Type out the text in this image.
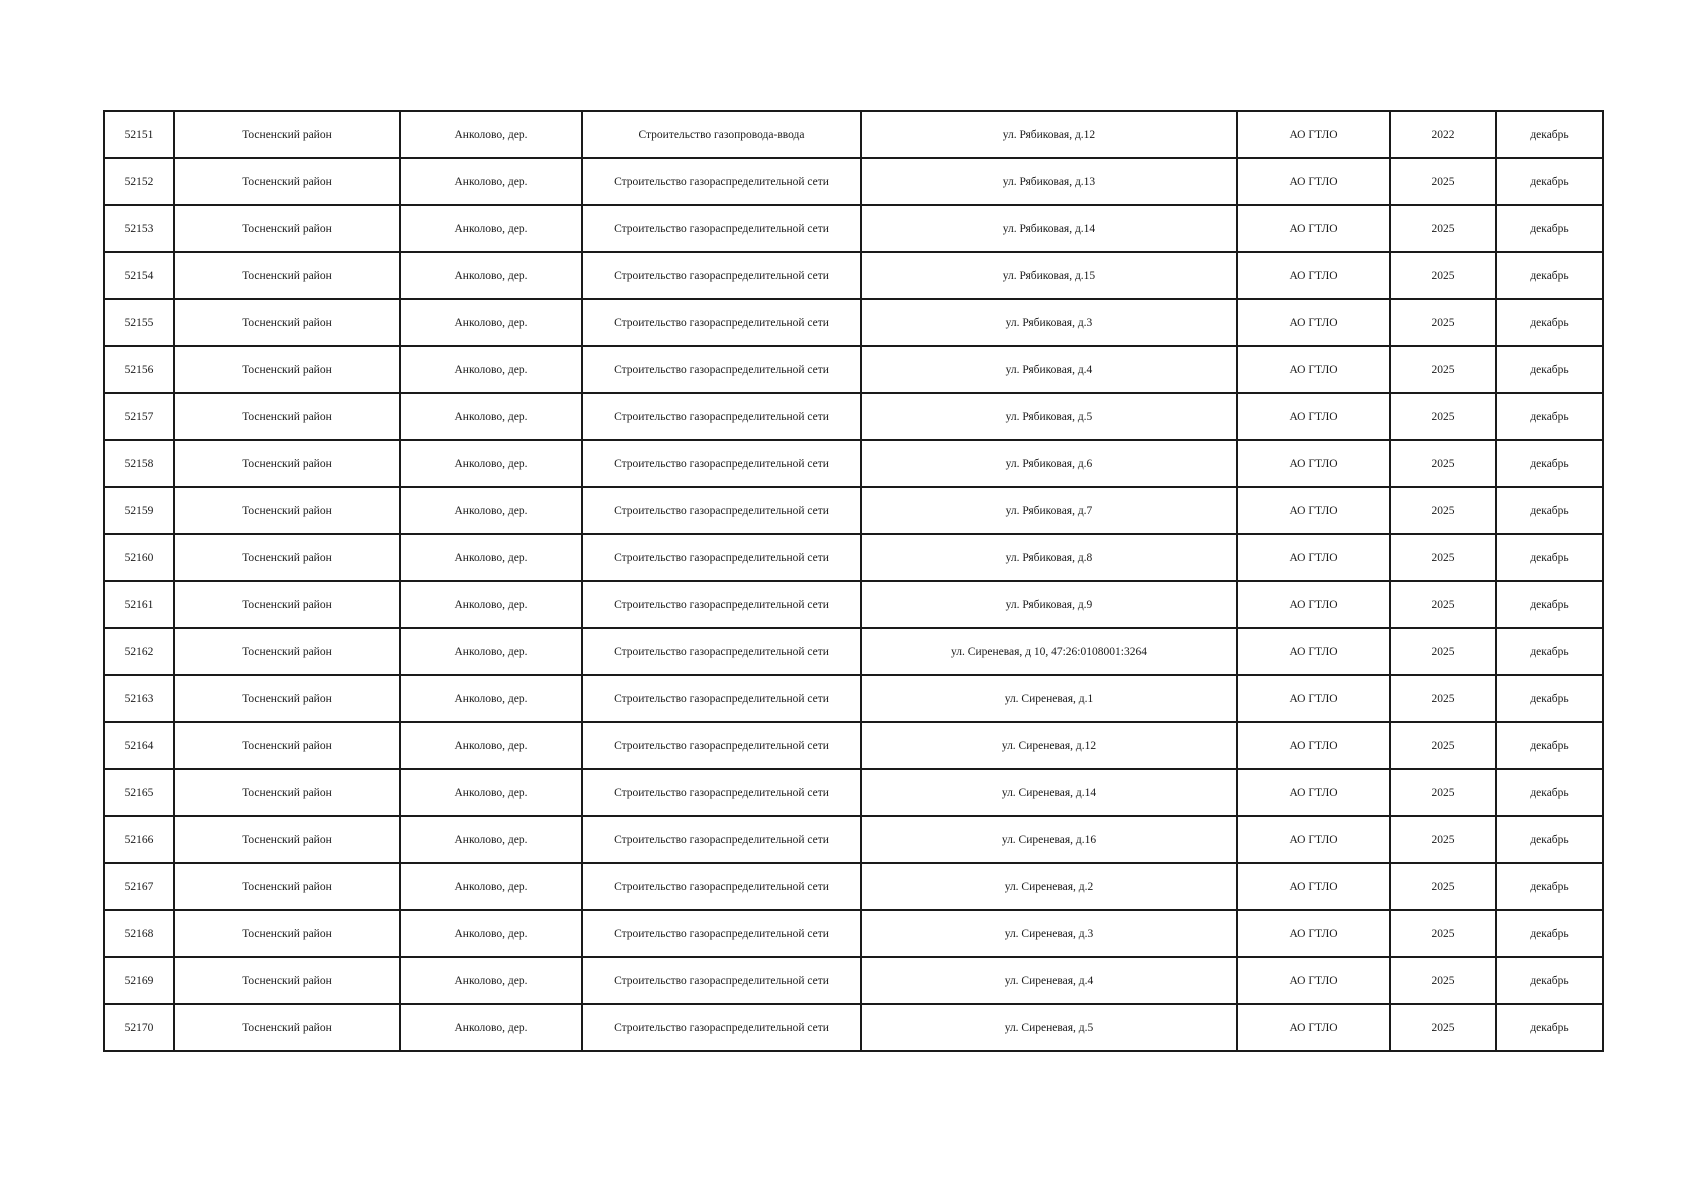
52151	Тосненский район	Анколово, дер.	Строительство газопровода-ввода	ул. Рябиковая, д.12	АО ГТЛО	2022	декабрь
52152	Тосненский район	Анколово, дер.	Строительство газораспределительной сети	ул. Рябиковая, д.13	АО ГТЛО	2025	декабрь
52153	Тосненский район	Анколово, дер.	Строительство газораспределительной сети	ул. Рябиковая, д.14	АО ГТЛО	2025	декабрь
52154	Тосненский район	Анколово, дер.	Строительство газораспределительной сети	ул. Рябиковая, д.15	АО ГТЛО	2025	декабрь
52155	Тосненский район	Анколово, дер.	Строительство газораспределительной сети	ул. Рябиковая, д.3	АО ГТЛО	2025	декабрь
52156	Тосненский район	Анколово, дер.	Строительство газораспределительной сети	ул. Рябиковая, д.4	АО ГТЛО	2025	декабрь
52157	Тосненский район	Анколово, дер.	Строительство газораспределительной сети	ул. Рябиковая, д.5	АО ГТЛО	2025	декабрь
52158	Тосненский район	Анколово, дер.	Строительство газораспределительной сети	ул. Рябиковая, д.6	АО ГТЛО	2025	декабрь
52159	Тосненский район	Анколово, дер.	Строительство газораспределительной сети	ул. Рябиковая, д.7	АО ГТЛО	2025	декабрь
52160	Тосненский район	Анколово, дер.	Строительство газораспределительной сети	ул. Рябиковая, д.8	АО ГТЛО	2025	декабрь
52161	Тосненский район	Анколово, дер.	Строительство газораспределительной сети	ул. Рябиковая, д.9	АО ГТЛО	2025	декабрь
52162	Тосненский район	Анколово, дер.	Строительство газораспределительной сети	ул. Сиреневая, д 10, 47:26:0108001:3264	АО ГТЛО	2025	декабрь
52163	Тосненский район	Анколово, дер.	Строительство газораспределительной сети	ул. Сиреневая, д.1	АО ГТЛО	2025	декабрь
52164	Тосненский район	Анколово, дер.	Строительство газораспределительной сети	ул. Сиреневая, д.12	АО ГТЛО	2025	декабрь
52165	Тосненский район	Анколово, дер.	Строительство газораспределительной сети	ул. Сиреневая, д.14	АО ГТЛО	2025	декабрь
52166	Тосненский район	Анколово, дер.	Строительство газораспределительной сети	ул. Сиреневая, д.16	АО ГТЛО	2025	декабрь
52167	Тосненский район	Анколово, дер.	Строительство газораспределительной сети	ул. Сиреневая, д.2	АО ГТЛО	2025	декабрь
52168	Тосненский район	Анколово, дер.	Строительство газораспределительной сети	ул. Сиреневая, д.3	АО ГТЛО	2025	декабрь
52169	Тосненский район	Анколово, дер.	Строительство газораспределительной сети	ул. Сиреневая, д.4	АО ГТЛО	2025	декабрь
52170	Тосненский район	Анколово, дер.	Строительство газораспределительной сети	ул. Сиреневая, д.5	АО ГТЛО	2025	декабрь
